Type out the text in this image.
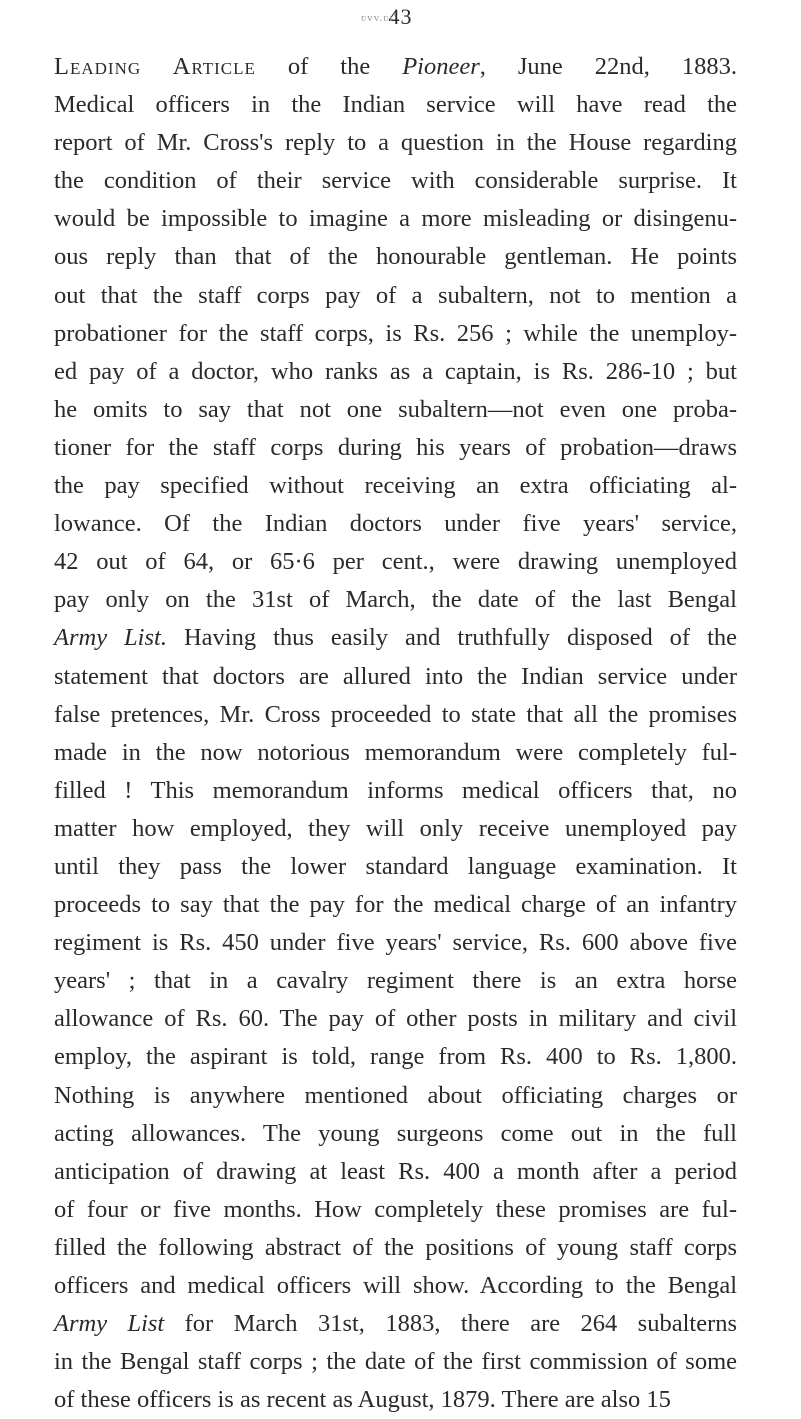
43
ʋvv.ʋı'
Leading Article of the Pioneer, June 22nd, 1883.
Medical officers in the Indian service will have read the
report of Mr. Cross's reply to a question in the House regarding
the condition of their service with considerable surprise. It
would be impossible to imagine a more misleading or disingenu-
ous reply than that of the honourable gentleman. He points
out that the staff corps pay of a subaltern, not to mention a
probationer for the staff corps, is Rs. 256 ; while the unemploy-
ed pay of a doctor, who ranks as a captain, is Rs. 286-10 ; but
he omits to say that not one subaltern—not even one proba-
tioner for the staff corps during his years of probation—draws
the pay specified without receiving an extra officiating al-
lowance. Of the Indian doctors under five years' service,
42 out of 64, or 65·6 per cent., were drawing unemployed
pay only on the 31st of March, the date of the last Bengal
Army List. Having thus easily and truthfully disposed of the
statement that doctors are allured into the Indian service under
false pretences, Mr. Cross proceeded to state that all the promises
made in the now notorious memorandum were completely ful-
filled ! This memorandum informs medical officers that, no
matter how employed, they will only receive unemployed pay
until they pass the lower standard language examination. It
proceeds to say that the pay for the medical charge of an infantry
regiment is Rs. 450 under five years' service, Rs. 600 above five
years' ; that in a cavalry regiment there is an extra horse
allowance of Rs. 60. The pay of other posts in military and civil
employ, the aspirant is told, range from Rs. 400 to Rs. 1,800.
Nothing is anywhere mentioned about officiating charges or
acting allowances. The young surgeons come out in the full
anticipation of drawing at least Rs. 400 a month after a period
of four or five months. How completely these promises are ful-
filled the following abstract of the positions of young staff corps
officers and medical officers will show. According to the Bengal
Army List for March 31st, 1883, there are 264 subalterns
in the Bengal staff corps ; the date of the first commission of some
of these officers is as recent as August, 1879. There are also 15
